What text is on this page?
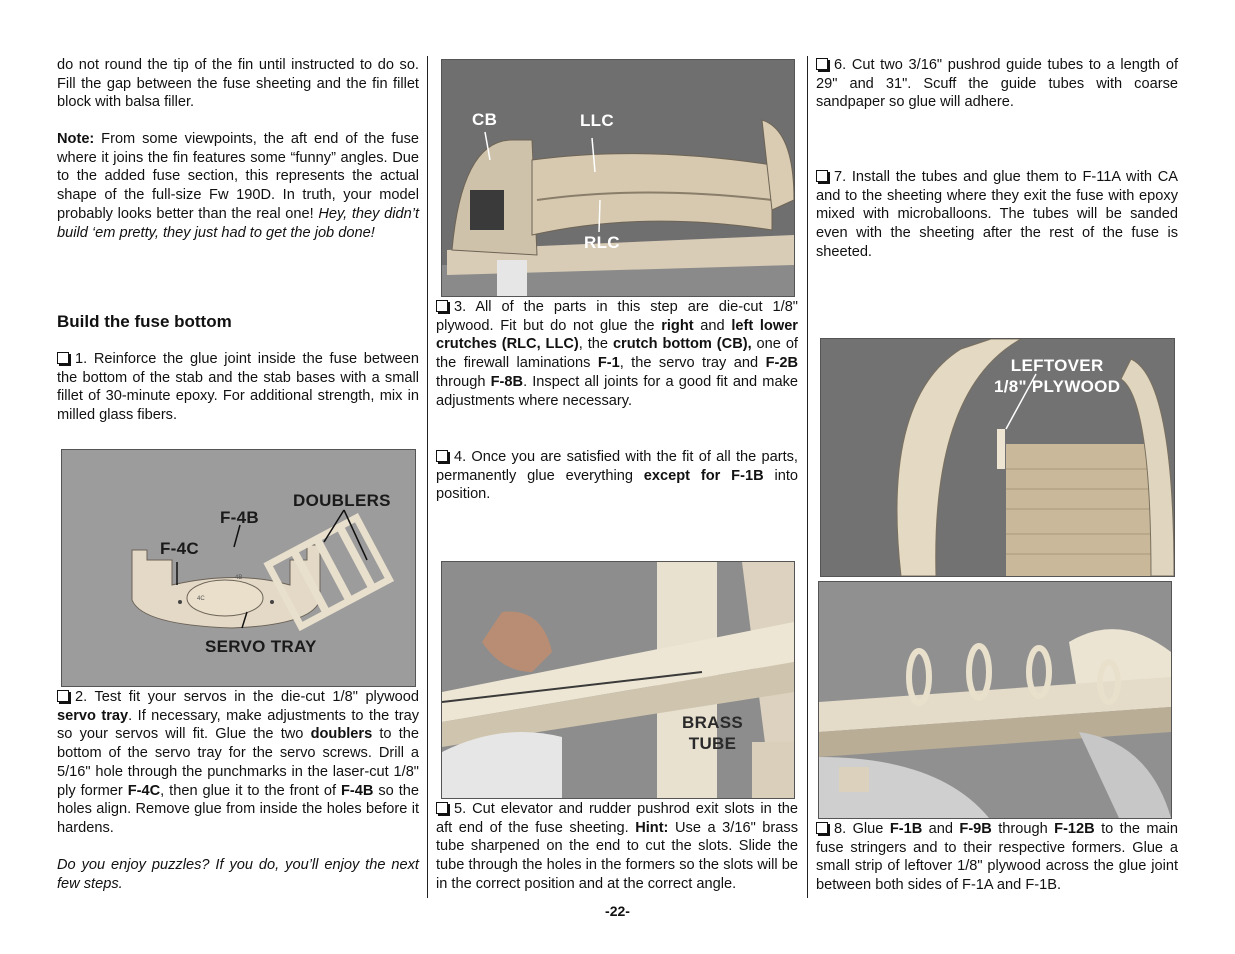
do not round the tip of the fin until instructed to do so. Fill the gap between the fuse sheeting and the fin fillet block with balsa filler.

Note: From some viewpoints, the aft end of the fuse where it joins the fin features some “funny” angles. Due to the added fuse section, this represents the actual shape of the full-size Fw 190D. In truth, your model probably looks better than the real one! Hey, they didn’t build ‘em pretty, they just had to get the job done!

Build the fuse bottom

1. Reinforce the glue joint inside the fuse between the bottom of the stab and the stab bases with a small fillet of 30-minute epoxy. For additional strength, mix in milled glass fibers.

DOUBLERS
F-4B
F-4C
SERVO TRAY
4C
4B

2. Test fit your servos in the die-cut 1/8" plywood servo tray. If necessary, make adjustments to the tray so your servos will fit. Glue the two doublers to the bottom of the servo tray for the servo screws. Drill a 5/16" hole through the punchmarks in the laser-cut 1/8" ply former F-4C, then glue it to the front of F-4B so the holes align. Remove glue from inside the holes before it hardens.

Do you enjoy puzzles? If you do, you’ll enjoy the next few steps.

CB	LLC
RLC

3. All of the parts in this step are die-cut 1/8" plywood. Fit but do not glue the right and left lower crutches (RLC, LLC), the crutch bottom (CB), one of the firewall laminations F-1, the servo tray and F-2B through F-8B. Inspect all joints for a good fit and make adjustments where necessary.

4. Once you are satisfied with the fit of all the parts, permanently glue everything except for F-1B into position.

BRASS
TUBE

5. Cut elevator and rudder pushrod exit slots in the aft end of the fuse sheeting. Hint: Use a 3/16" brass tube sharpened on the end to cut the slots. Slide the tube through the holes in the formers so the slots will be in the correct position and at the correct angle.

6. Cut two 3/16" pushrod guide tubes to a length of 29" and 31". Scuff the guide tubes with coarse sandpaper so glue will adhere.

7. Install the tubes and glue them to F-11A with CA and to the sheeting where they exit the fuse with epoxy mixed with microballoons. The tubes will be sanded even with the sheeting after the rest of the fuse is sheeted.

LEFTOVER
1/8" PLYWOOD

8. Glue F-1B and F-9B through F-12B to the main fuse stringers and to their respective formers. Glue a small strip of leftover 1/8" plywood across the glue joint between both sides of F-1A and F-1B.

-22-
